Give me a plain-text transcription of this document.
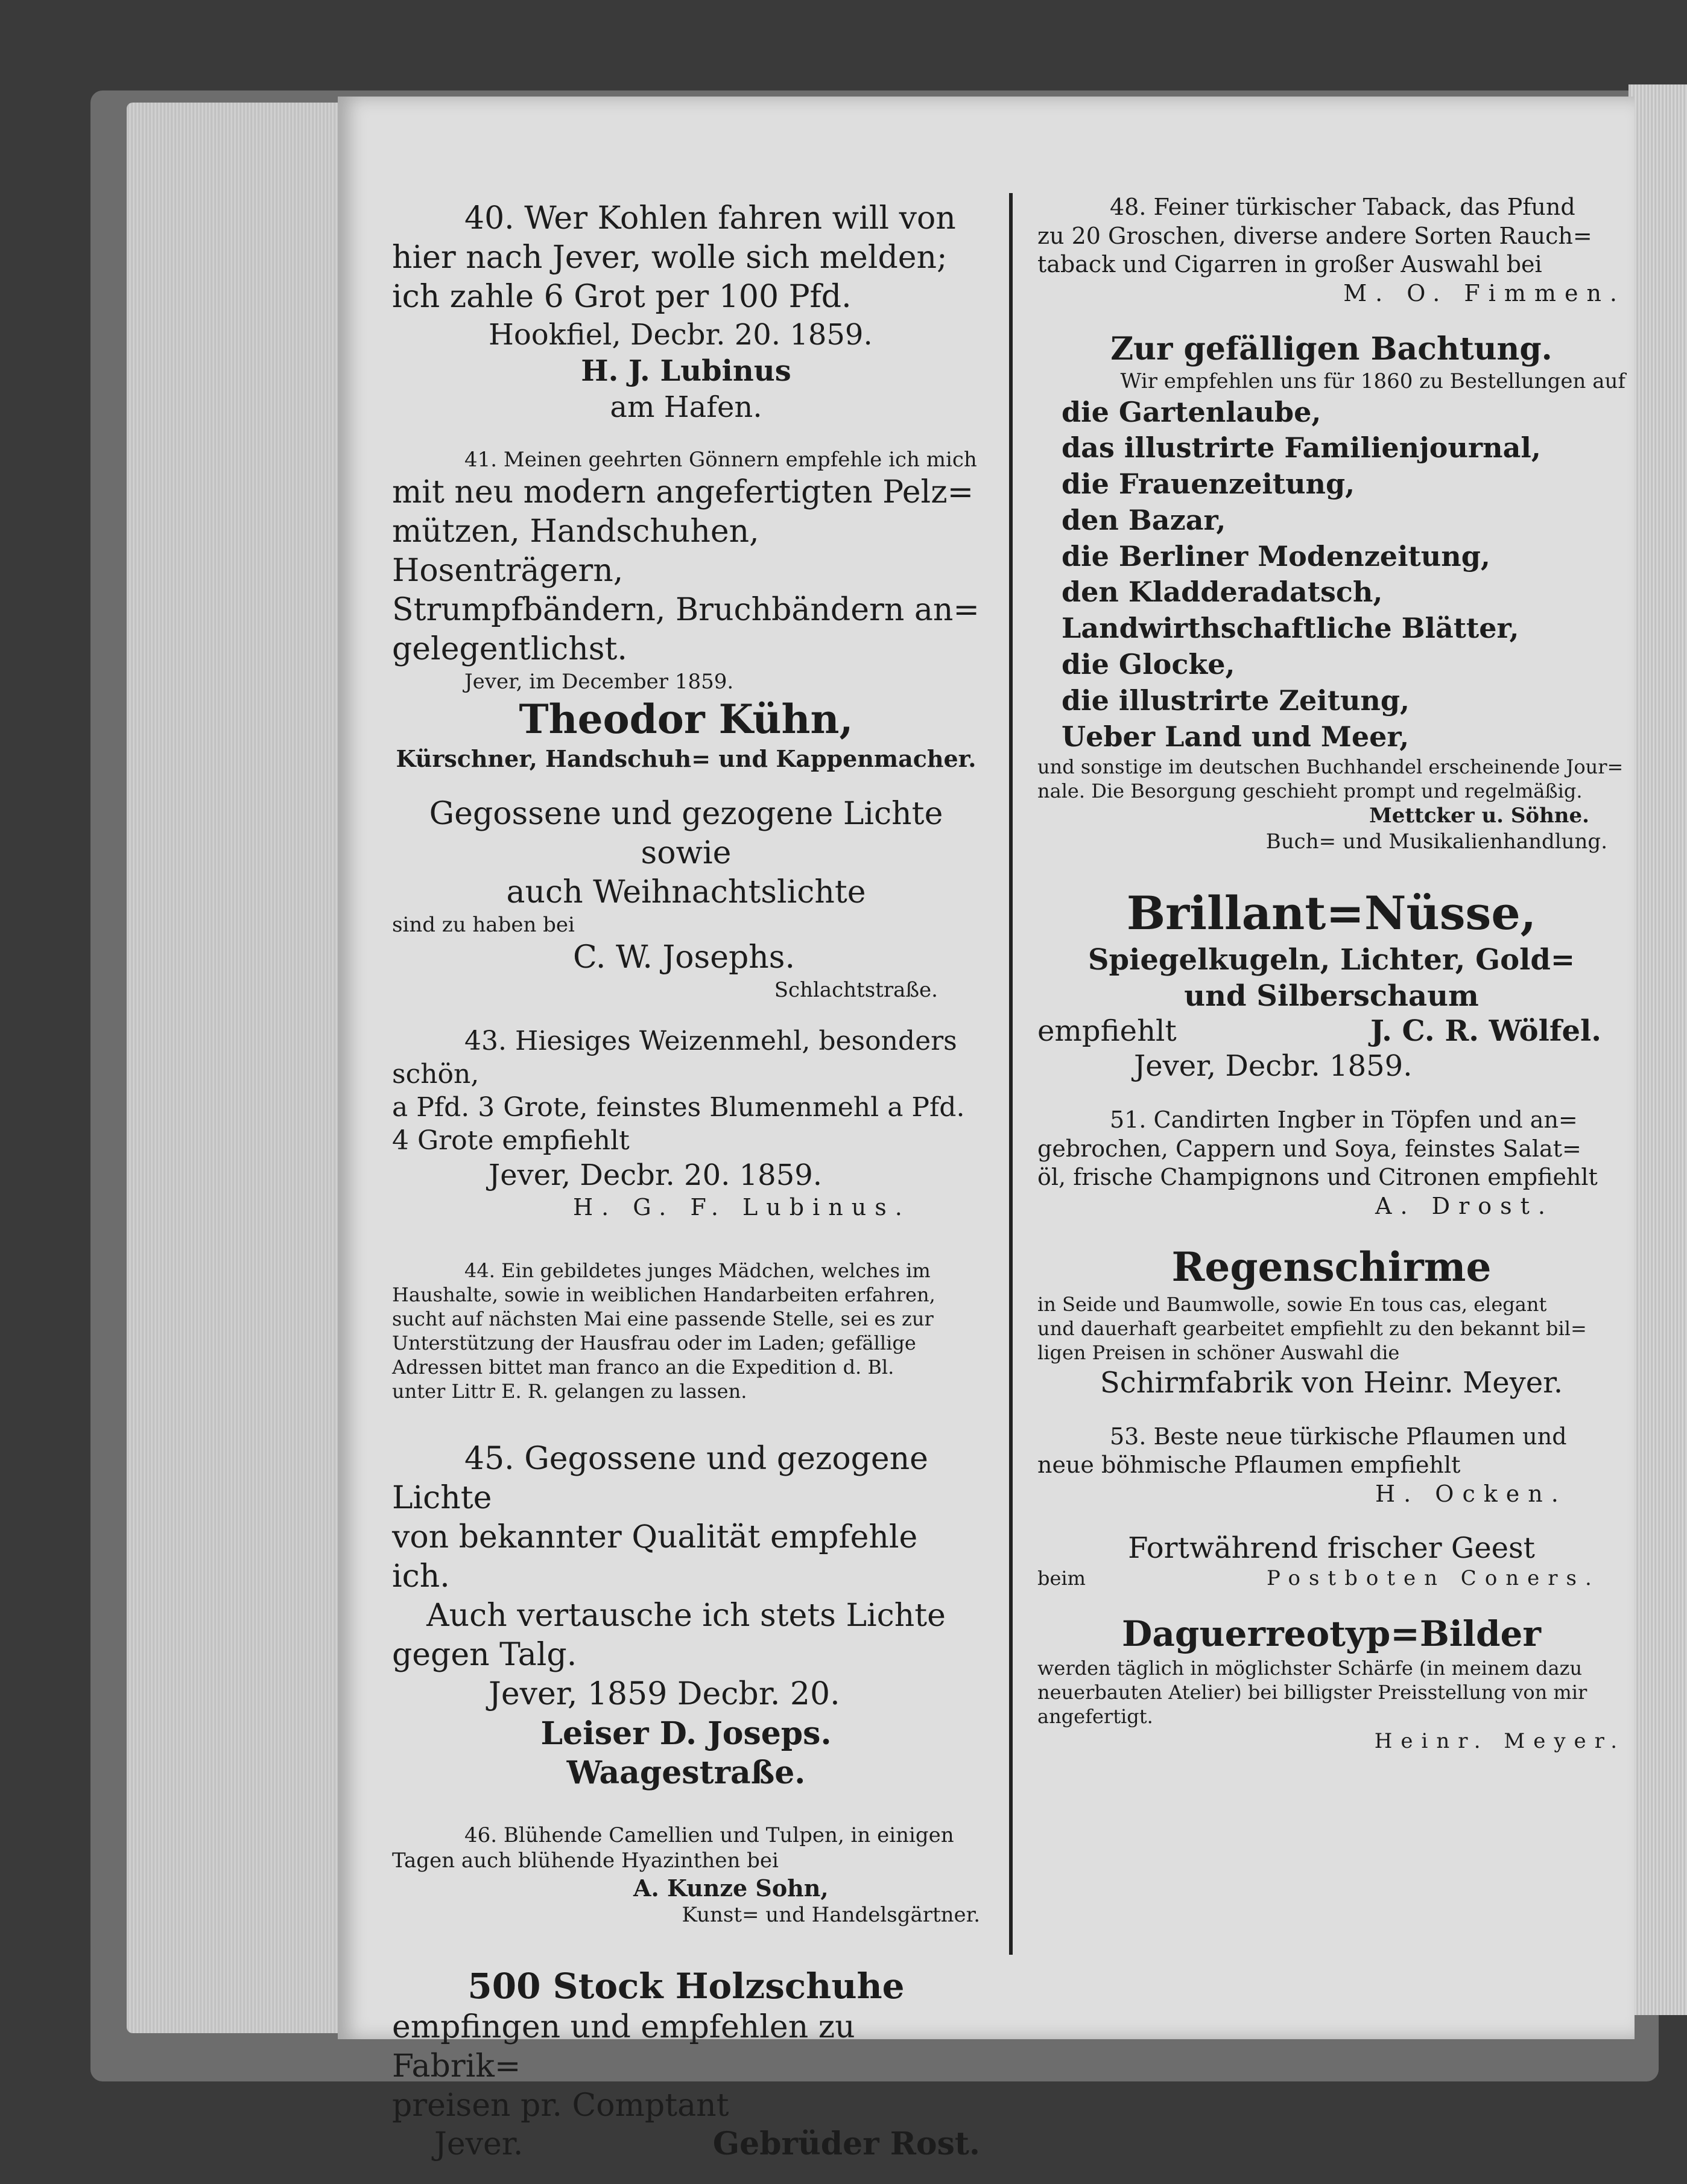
40. Wer Kohlen fahren will von

hier nach Jever, wolle sich melden;

ich zahle 6 Grot per 100 Pfd.

Hookfiel, Decbr. 20. 1859.

H. J. Lubinus

am Hafen.

41. Meinen geehrten Gönnern empfehle ich mich

mit neu modern angefertigten Pelz=

mützen, Handschuhen, Hosenträgern,

Strumpfbändern, Bruchbändern an=

gelegentlichst.

Jever, im December 1859.

Theodor Kühn,

Kürschner, Handschuh= und Kappenmacher.

Gegossene und gezogene Lichte sowie

auch Weihnachtslichte

sind zu haben bei

C. W. Josephs.

Schlachtstraße.

43. Hiesiges Weizenmehl, besonders schön,

a Pfd. 3 Grote, feinstes Blumenmehl a Pfd.

4 Grote empfiehlt

Jever, Decbr. 20. 1859.

H. G. F. Lubinus.

44. Ein gebildetes junges Mädchen, welches im

Haushalte, sowie in weiblichen Handarbeiten erfahren,

sucht auf nächsten Mai eine passende Stelle, sei es zur

Unterstützung der Hausfrau oder im Laden; gefällige

Adressen bittet man franco an die Expedition d. Bl.

unter Littr E. R. gelangen zu lassen.

45. Gegossene und gezogene Lichte

von bekannter Qualität empfehle ich.

Auch vertausche ich stets Lichte

gegen Talg.

Jever, 1859 Decbr. 20.

Leiser D. Joseps.

Waagestraße.

46. Blühende Camellien und Tulpen, in einigen

Tagen auch blühende Hyazinthen bei

A. Kunze Sohn,

Kunst= und Handelsgärtner.

500 Stock Holzschuhe

empfingen und empfehlen zu Fabrik=

preisen pr. Comptant

Jever.	Gebrüder Rost.

48. Feiner türkischer Taback, das Pfund

zu 20 Groschen, diverse andere Sorten Rauch=

taback und Cigarren in großer Auswahl bei

M. O. Fimmen.

Zur gefälligen Bachtung.

Wir empfehlen uns für 1860 zu Bestellungen auf

die Gartenlaube,

das illustrirte Familienjournal,

die Frauenzeitung,

den Bazar,

die Berliner Modenzeitung,

den Kladderadatsch,

Landwirthschaftliche Blätter,

die Glocke,

die illustrirte Zeitung,

Ueber Land und Meer,

und sonstige im deutschen Buchhandel erscheinende Jour=

nale. Die Besorgung geschieht prompt und regelmäßig.

Mettcker u. Söhne.

Buch= und Musikalienhandlung.

Brillant=Nüsse,

Spiegelkugeln, Lichter, Gold=

und Silberschaum

empfiehlt	J. C. R. Wölfel.

Jever, Decbr. 1859.

51. Candirten Ingber in Töpfen und an=

gebrochen, Cappern und Soya, feinstes Salat=

öl, frische Champignons und Citronen empfiehlt

A. Drost.

Regenschirme

in Seide und Baumwolle, sowie En tous cas, elegant

und dauerhaft gearbeitet empfiehlt zu den bekannt bil=

ligen Preisen in schöner Auswahl die

Schirmfabrik von Heinr. Meyer.

53. Beste neue türkische Pflaumen und

neue böhmische Pflaumen empfiehlt

H. Ocken.

Fortwährend frischer Geest

beim	Postboten Coners.

Daguerreotyp=Bilder

werden täglich in möglichster Schärfe (in meinem dazu

neuerbauten Atelier) bei billigster Preisstellung von mir

angefertigt.

Heinr. Meyer.
